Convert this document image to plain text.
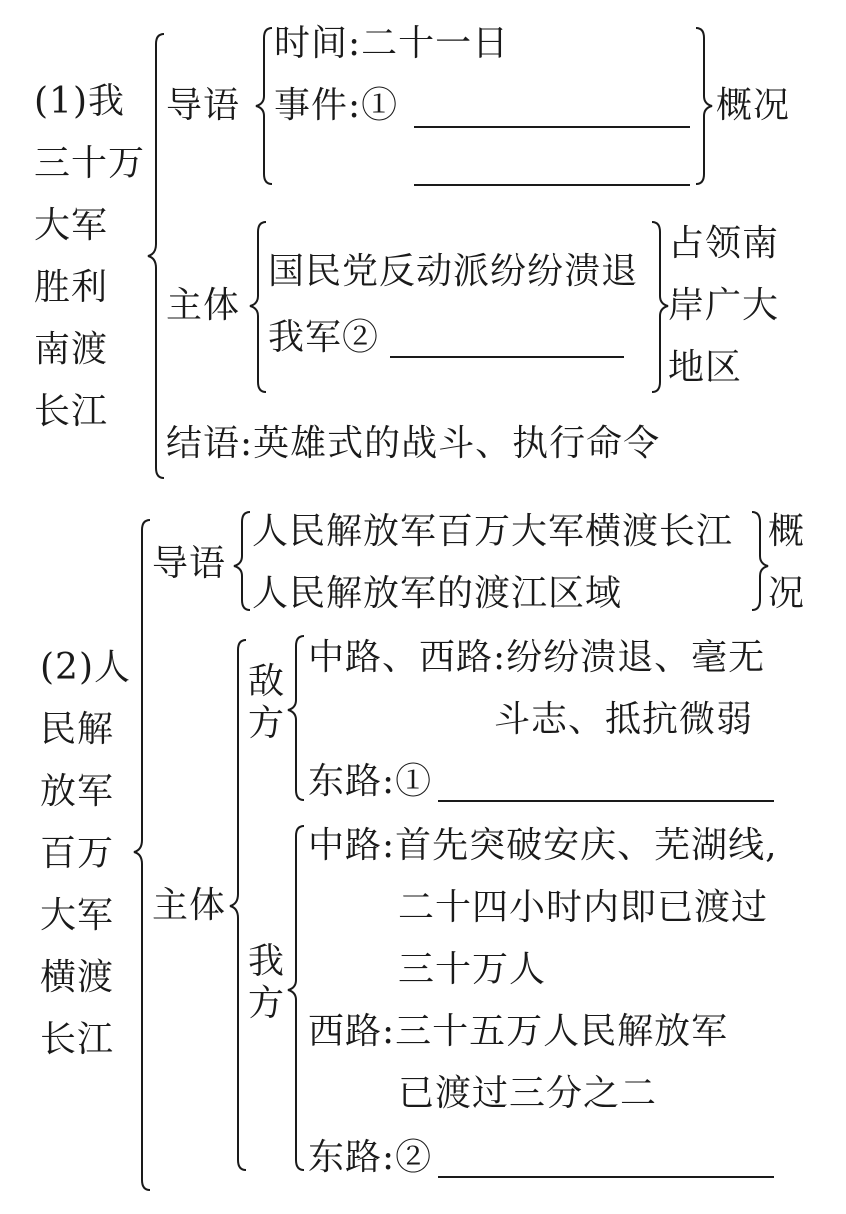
(1)我
三十万
大军
胜利
南渡
长江
导语
时间:二十一日
事件:①	概况
主体
国民党反动派纷纷溃退
我军②
占领南
岸广大
地区
结语:英雄式的战斗、执行命令
(2)人
民解
放军
百万
大军
横渡
长江
导语
人民解放军百万大军横渡长江
人民解放军的渡江区域
概
况
主体
敌
方
中路、西路:纷纷溃退、毫无
斗志、抵抗微弱
东路:①
我
方
中路:首先突破安庆、芜湖线,
二十四小时内即已渡过
三十万人
西路:三十五万人民解放军
已渡过三分之二
东路:②
